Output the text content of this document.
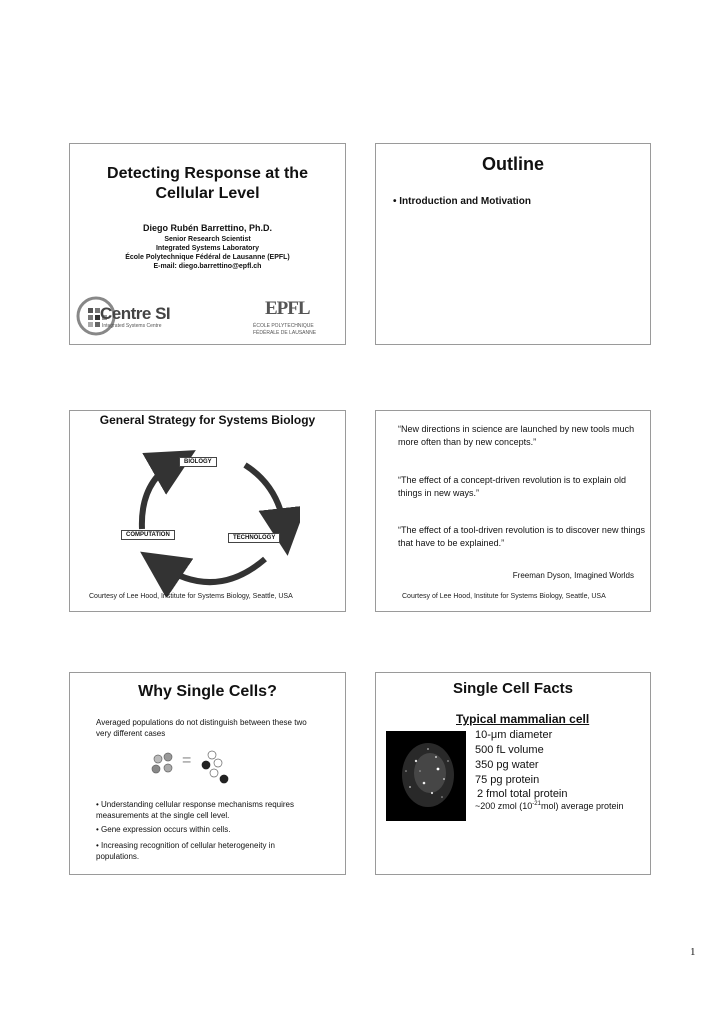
Detecting Response at the
Cellular Level
Diego Rubén Barrettino, Ph.D.
Senior Research Scientist
Integrated Systems Laboratory
École Polytechnique Fédéral de Lausanne (EPFL)
E-mail: diego.barrettino@epfl.ch
Centre SI
Integrated Systems Centre
EPFL
ÉCOLE POLYTECHNIQUE
FÉDÉRALE DE LAUSANNE
Outline
• Introduction and Motivation
General Strategy for Systems Biology
BIOLOGY
COMPUTATION	TECHNOLOGY
Courtesy of Lee Hood, Institute for Systems Biology, Seattle, USA
“New directions in science are launched by new tools much more often than by new concepts.”
“The effect of a concept-driven revolution is to explain old things in new ways.”
“The effect of a tool-driven revolution is to discover new things that have to be explained.”
Freeman Dyson, Imagined Worlds
Courtesy of Lee Hood, Institute for Systems Biology, Seattle, USA
Why Single Cells?
Averaged populations do not distinguish between these two very different cases
=
• Understanding cellular response mechanisms requires measurements at the single cell level.
• Gene expression occurs within cells.
• Increasing recognition of cellular heterogeneity in populations.
Single Cell Facts
Typical mammalian cell
10-μm diameter
500 fL volume
350 pg water
75 pg protein
2 fmol total protein
~200 zmol $(10^{-21}mol)$ average protein
1
